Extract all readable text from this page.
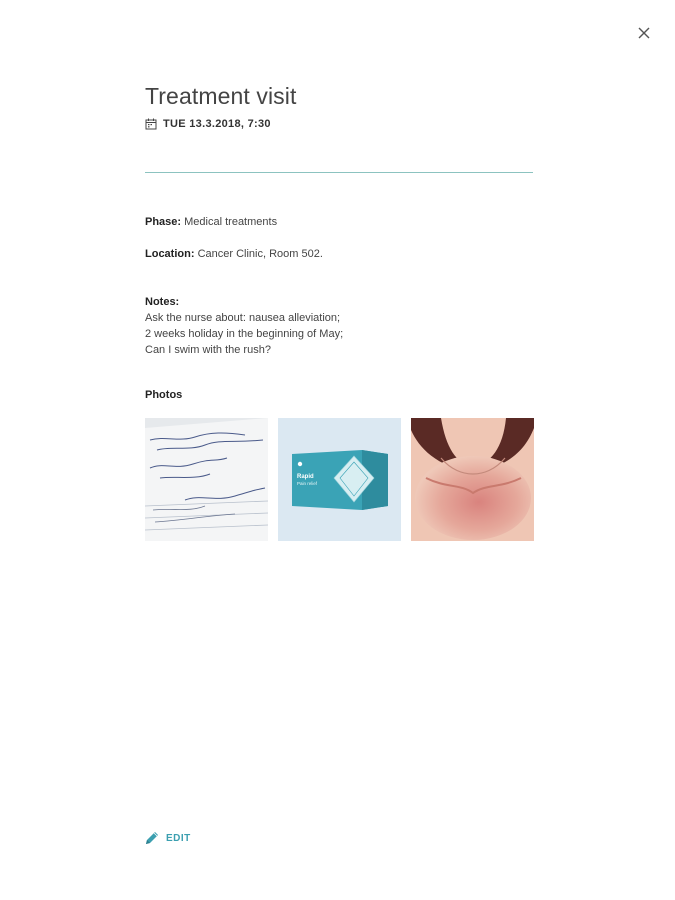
Treatment visit
TUE 13.3.2018, 7:30
Phase: Medical treatments
Location: Cancer Clinic, Room 502.
Notes:
Ask the nurse about: nausea alleviation;
2 weeks holiday in the beginning of May;
Can I swim with the rush?
Photos
Rapid
Pain relief
EDIT
